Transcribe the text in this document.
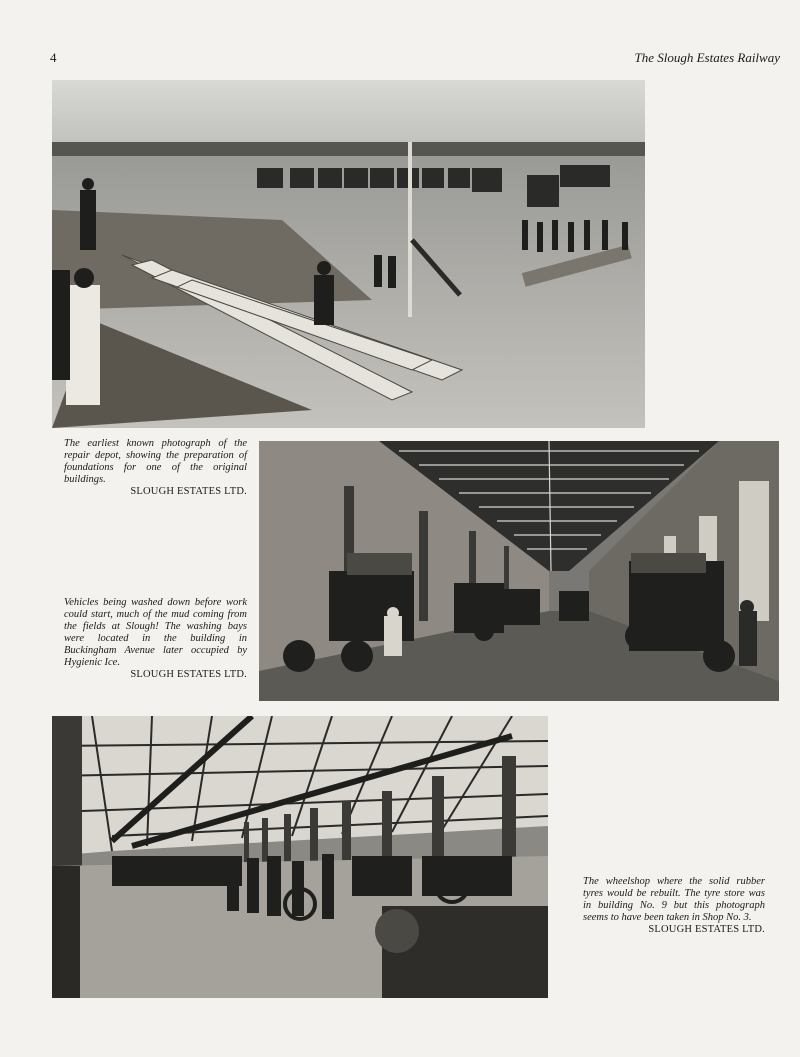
4	The Slough Estates Railway
The earliest known photograph of the repair depot, showing the preparation of foundations for one of the original buildings.
SLOUGH ESTATES LTD.
Vehicles being washed down before work could start, much of the mud coming from the fields at Slough! The washing bays were located in the building in Buckingham Avenue later occupied by Hygienic Ice.
SLOUGH ESTATES LTD.
The wheelshop where the solid rubber tyres would be rebuilt. The tyre store was in building No. 9 but this photograph seems to have been taken in Shop No. 3.
SLOUGH ESTATES LTD.
